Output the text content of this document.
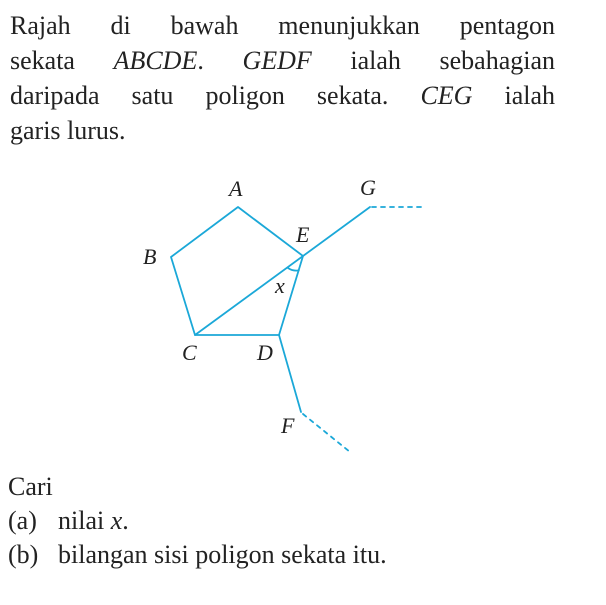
Rajah di bawah menunjukkan pentagon
sekata ABCDE. GEDF ialah sebahagian
daripada satu poligon sekata. CEG ialah
garis lurus.
A
B
C	D
E
F
G
x
Cari
(a) nilai x.
(b) bilangan sisi poligon sekata itu.
